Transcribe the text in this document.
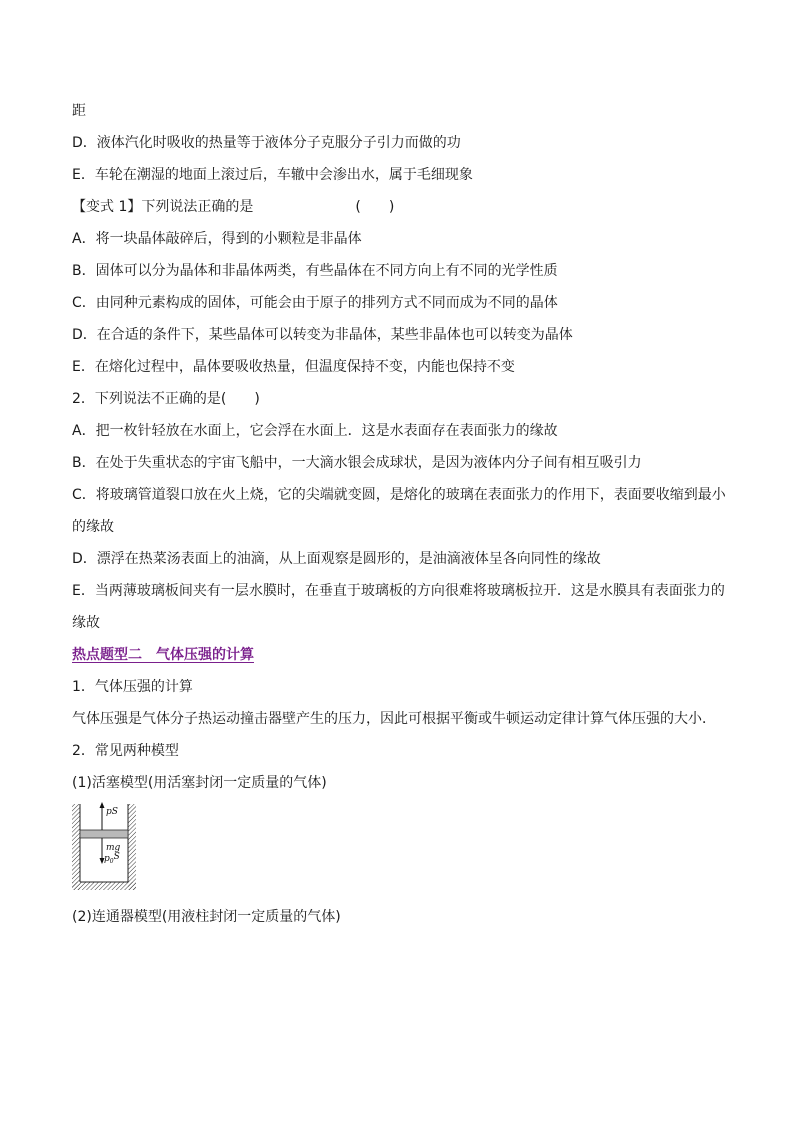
距
D．液体汽化时吸收的热量等于液体分子克服分子引力而做的功
E．车轮在潮湿的地面上滚过后，车辙中会渗出水，属于毛细现象
【变式 1】下列说法正确的是	(　　)
A．将一块晶体敲碎后，得到的小颗粒是非晶体
B．固体可以分为晶体和非晶体两类，有些晶体在不同方向上有不同的光学性质
C．由同种元素构成的固体，可能会由于原子的排列方式不同而成为不同的晶体
D．在合适的条件下，某些晶体可以转变为非晶体，某些非晶体也可以转变为晶体
E．在熔化过程中，晶体要吸收热量，但温度保持不变，内能也保持不变
2．下列说法不正确的是(　　)
A．把一枚针轻放在水面上，它会浮在水面上．这是水表面存在表面张力的缘故
B．在处于失重状态的宇宙飞船中，一大滴水银会成球状，是因为液体内分子间有相互吸引力
C．将玻璃管道裂口放在火上烧，它的尖端就变圆，是熔化的玻璃在表面张力的作用下，表面要收缩到最小
的缘故
D．漂浮在热菜汤表面上的油滴，从上面观察是圆形的，是油滴液体呈各向同性的缘故
E．当两薄玻璃板间夹有一层水膜时，在垂直于玻璃板的方向很难将玻璃板拉开．这是水膜具有表面张力的
缘故
热点题型二　气体压强的计算
1．气体压强的计算
气体压强是气体分子热运动撞击器壁产生的压力，因此可根据平衡或牛顿运动定律计算气体压强的大小．
2．常见两种模型
(1)活塞模型(用活塞封闭一定质量的气体)
pS
mg
$p_0S$
(2)连通器模型(用液柱封闭一定质量的气体)
